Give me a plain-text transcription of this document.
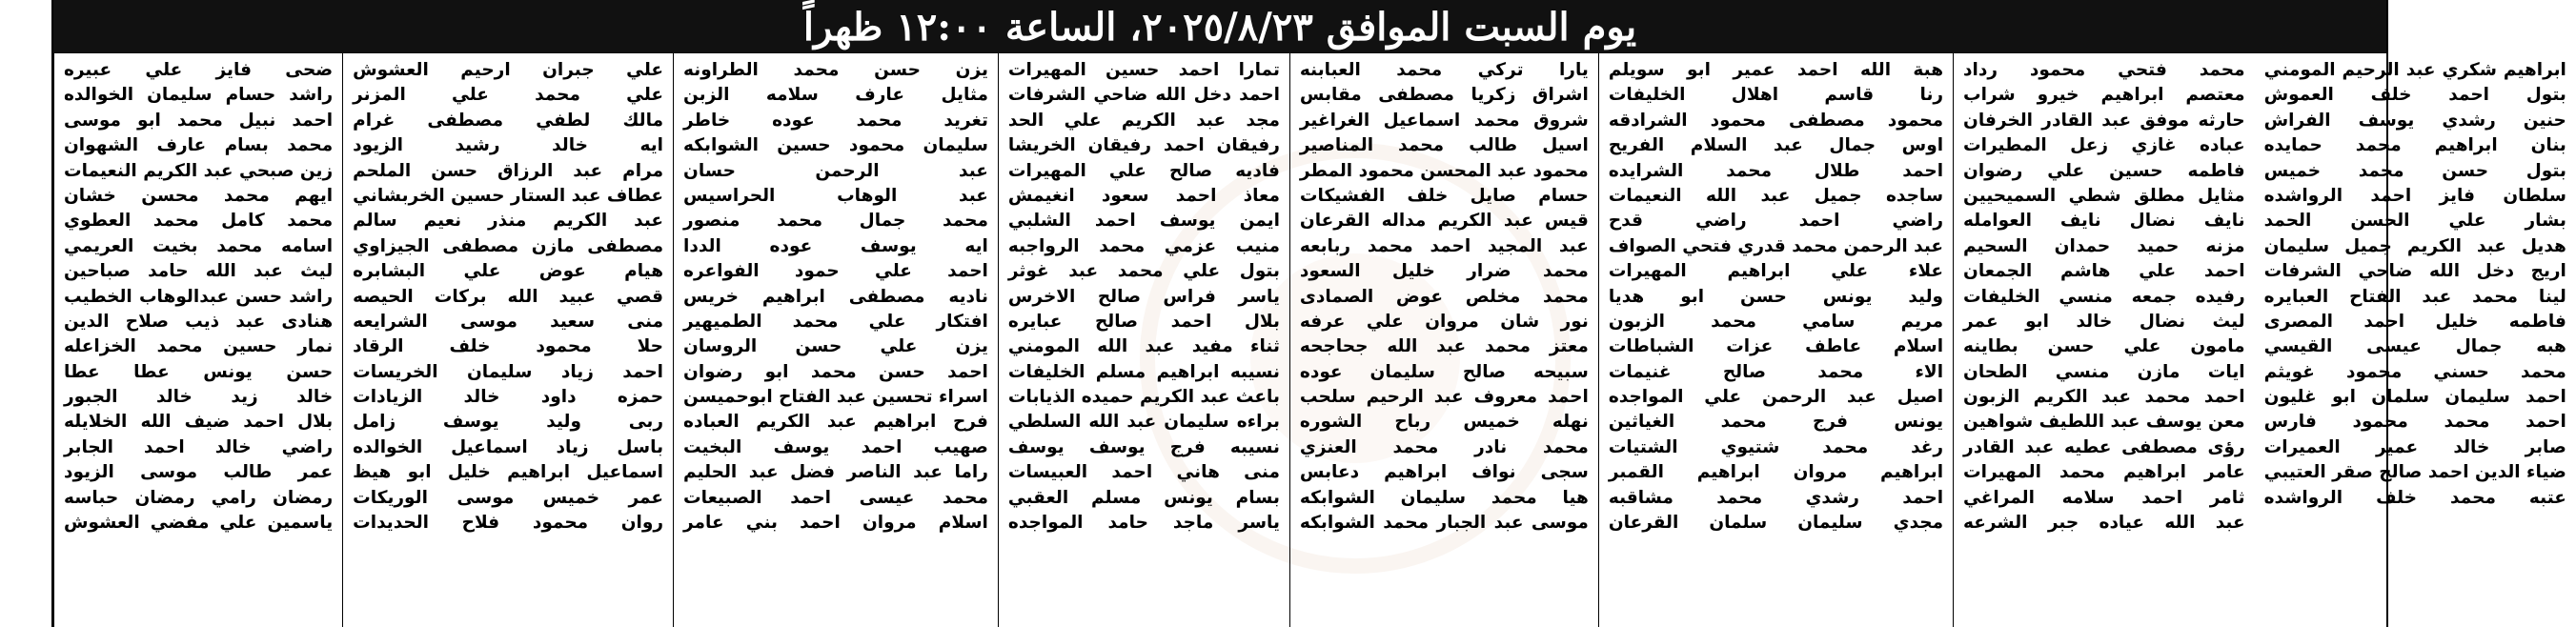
يوم السبت الموافق ٢٠٢٥/٨/٢٣، الساعة ١٢:٠٠ ظهراً
ضحى فايز علي عبيره
راشد حسام سليمان الخوالده
احمد نبيل محمد ابو موسى
محمد بسام عارف الشهوان
زين صبحي عبد الكريم النعيمات
ايهم محمد محسن خشان
محمد كامل محمد العطوي
اسامه محمد بخيت العريمي
ليث عبد الله حامد صباحين
راشد حسن عبدالوهاب الخطيب
هنادى عبد ذيب صلاح الدين
نمار حسين محمد الخزاعله
حسن يونس عطا عطا
خالد زيد خالد الجبور
بلال احمد ضيف الله الخلايله
راضي خالد احمد الجابر
عمر طالب موسى الزيود
رمضان رامي رمضان حباسه
ياسمين علي مفضي العشوش
علي جبران ارحيم العشوش
علي محمد علي المزنر
مالك لطفي مصطفى غرام
ايه خالد رشيد الزيود
مرام عبد الرزاق حسن الملحم
عطاف عبد الستار حسين الخربشاني
عبد الكريم منذر نعيم سالم
مصطفى مازن مصطفى الجيزاوي
هيام عوض علي البشابره
قصي عبيد الله بركات الحيصه
منى سعيد موسى الشرايعه
حلا محمود خلف الرقاد
احمد زياد سليمان الخريسات
حمزه داود خالد الزيادات
ربى وليد يوسف زامل
باسل زياد اسماعيل الخوالده
اسماعيل ابراهيم خليل ابو هيظ
عمر خميس موسى الوريكات
روان محمود فلاح الحديدات
يزن حسن محمد الطراونه
مثايل عارف سلامه الزبن
تغريد محمد عوده خاطر
سليمان محمود حسين الشوابكه
عبد الرحمن حسان
عبد الوهاب الحراسيس
محمد جمال محمد منصور
ايه يوسف عوده الددا
احمد علي حمود الفواعره
ناديه مصطفى ابراهيم خريس
افتكار علي محمد الطميهير
يزن علي حسن الروسان
احمد حسن محمد ابو رضوان
اسراء تحسين عبد الفتاح ابوحميسن
فرح ابراهيم عبد الكريم العباده
صهيب احمد يوسف البخيت
راما عبد الناصر فضل عبد الحليم
محمد عيسى احمد الصبيعات
اسلام مروان احمد بني عامر
تمارا احمد حسين المهيرات
احمد دخل الله ضاحي الشرفات
مجد عبد الكريم علي الحد
رفيقان احمد رفيقان الخريشا
فاديه صالح علي المهيرات
معاذ احمد سعود انغيمش
ايمن يوسف احمد الشلبي
منيب عزمي محمد الرواجبه
بتول علي محمد عبد غوثر
ياسر فراس صالح الاخرس
بلال احمد صالح عبايره
ثناء مفيد عبد الله المومني
نسيبه ابراهيم مسلم الخليفات
باعث عبد الكريم حميده الذيابات
براءه سليمان عبد الله السلطي
نسيبه فرج يوسف يوسف
منى هاني احمد العبيسات
بسام يونس مسلم العقبي
ياسر ماجد حامد المواجده
يارا تركي محمد العبابنه
اشراق زكريا مصطفى مقابس
شروق محمد اسماعيل الغراغير
اسيل طالب محمد المناصير
محمود عبد المحسن محمود المطر
حسام صايل خلف الفشيكات
قيس عبد الكريم مداله القرعان
عبد المجيد احمد محمد ربابعه
محمد ضرار خليل السعود
محمد مخلص عوض الصمادى
نور شان مروان علي عرفه
معتز محمد عبد الله جحاجحه
سبيحه صالح سليمان عوده
احمد معروف عبد الرحيم سلحب
نهله خميس رباح الشوره
محمد نادر محمد العنزي
سجى نواف ابراهيم دعابس
هيا محمد سليمان الشوابكه
موسى عبد الجبار محمد الشوابكه
هبة الله احمد عمير ابو سويلم
رنا قاسم اهلال الخليفات
محمود مصطفى محمود الشرادقه
اوس جمال عبد السلام الفريح
احمد طلال محمد الشرايده
ساجده جميل عبد الله النعيمات
راضي احمد راضي قدح
عبد الرحمن محمد قدري فتحي الصواف
علاء علي ابراهيم المهيرات
وليد يونس حسن ابو هديا
مريم سامي محمد الزبون
اسلام عاطف عزات الشباطات
الاء محمد صالح غنيمات
اصيل عبد الرحمن علي المواجده
يونس فرج محمد الغياثين
رغد محمد شتيوي الشتيات
ابراهيم مروان ابراهيم القمبر
احمد رشدي محمد مشاقبه
مجدي سليمان سلمان القرعان
محمد فتحي محمود رداد
معتصم ابراهيم خيرو شراب
حارثه موفق عبد القادر الخرفان
عباده غازي زعل المطيرات
فاطمه حسين علي رضوان
مثايل مطلق شطي السميحيين
نايف نضال نايف العوامله
مزنه حميد حمدان السحيم
احمد علي هاشم الجمعان
رفيده جمعه منسي الخليفات
ليث نضال خالد ابو عمر
مامون علي حسن بطاينه
ايات مازن منسي الطحان
احمد محمد عبد الكريم الزبون
معن يوسف عبد اللطيف شواهين
رؤى مصطفى عطيه عبد القادر
عامر ابراهيم محمد المهيرات
ثامر احمد سلامه المراغي
عبد الله عياده جبر الشرعه
ابراهيم شكري عبد الرحيم المومني
بتول احمد خلف العموش
حنين رشدي يوسف الفراش
بنان ابراهيم محمد حمايده
بتول حسن محمد خميس
سلطان فايز احمد الرواشده
بشار علي الحسن الحمد
هديل عبد الكريم جميل سليمان
اريج دخل الله ضاحي الشرفات
لينا محمد عبد الفتاح العبايره
فاطمه خليل احمد المصرى
هبه جمال عيسى القيسي
محمد حسني محمود غويثم
احمد سليمان سلمان ابو غليون
احمد محمد محمود فارس
صابر خالد عمير العميرات
ضياء الدين احمد صالح صقر العتيبي
عتبه محمد خلف الرواشده
